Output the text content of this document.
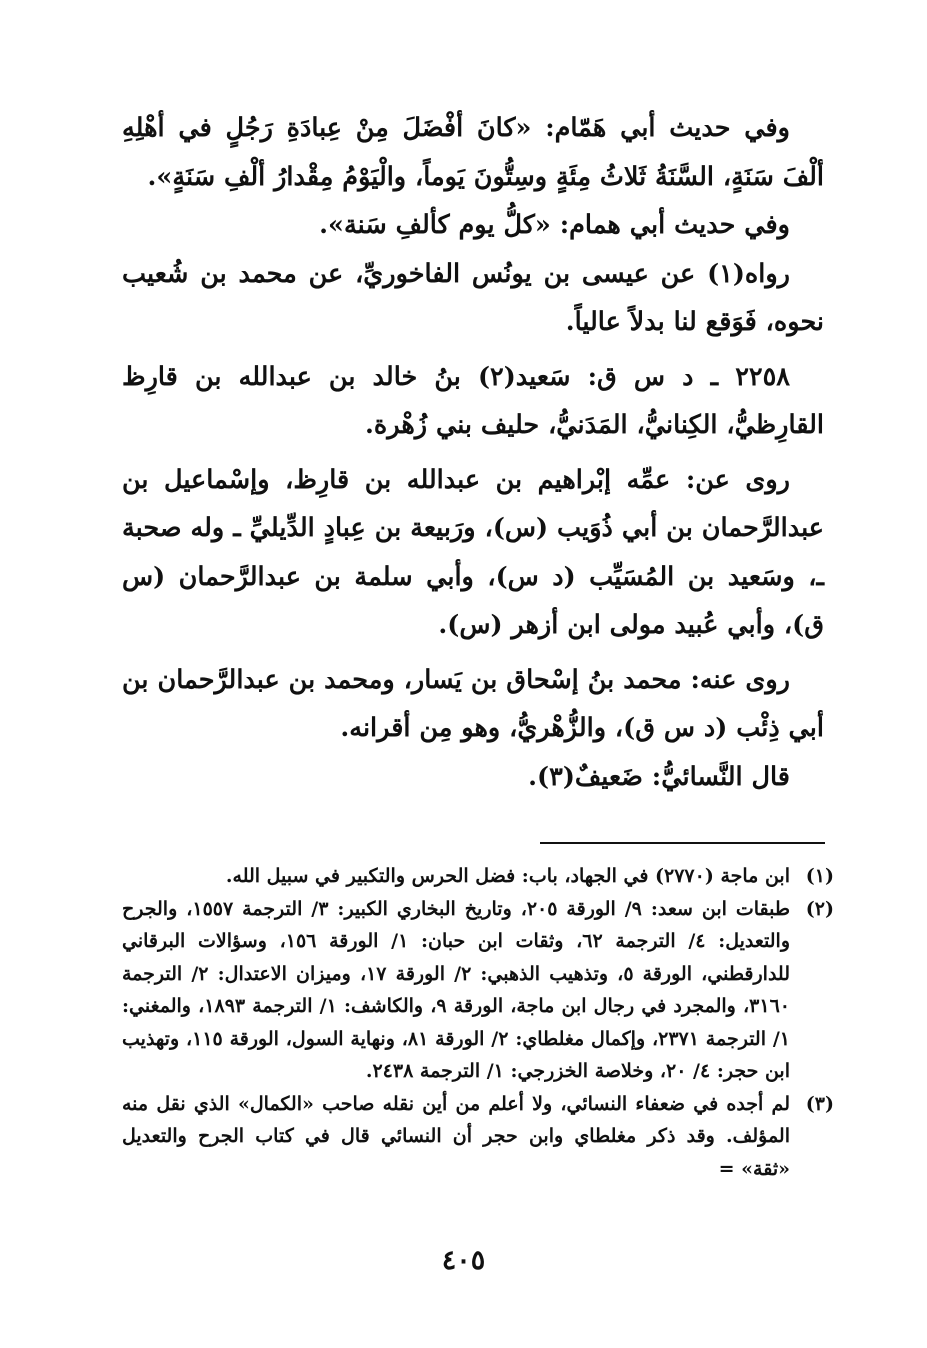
وفي حديث أبي هَمّام: «كانَ أفْضَلَ مِنْ عِبادَةِ رَجُلٍ في أهْلِهِ ألْفَ سَنَةٍ، السَّنَةُ ثَلاثُ مِئَةٍ وسِتُّونَ يَوماً، والْيَوْمُ مِقْدارُ ألْفِ سَنَةٍ».

وفي حديث أبي همام: «كلُّ يوم كألفِ سَنة».

رواه(١) عن عيسى بن يونُس الفاخوريِّ، عن محمد بن شُعيب نحوه، فَوَقع لنا بدلاً عالياً.

٢٢٥٨ ـ د س ق: سَعيد(٢) بنُ خالد بن عبدالله بن قارِظ القارِظيُّ، الكِنانيُّ، المَدَنيُّ، حليف بني زُهْرة.

روى عن: عمِّه إبْراهيم بن عبدالله بن قارِظ، وإسْماعيل بن عبدالرَّحمان بن أبي ذُوَيب (س)، ورَبيعة بن عِبادٍ الدِّيليِّ ـ وله صحبة ـ، وسَعيد بن المُسَيِّب (د س)، وأبي سلمة بن عبدالرَّحمان (س ق)، وأبي عُبيد مولى ابن أزهر (س).

روى عنه: محمد بنُ إسْحاق بن يَسار، ومحمد بن عبدالرَّحمان بن أبي ذِئْب (د س ق)، والزُّهْريُّ، وهو مِن أقرانه.

قال النَّسائيُّ: ضَعيفٌ(٣).

(١)
ابن ماجة (٢٧٧٠) في الجهاد، باب: فضل الحرس والتكبير في سبيل الله.
(٢)
طبقات ابن سعد: ٩/ الورقة ٢٠٥، وتاريخ البخاري الكبير: ٣/ الترجمة ١٥٥٧، والجرح والتعديل: ٤/ الترجمة ٦٢، وثقات ابن حبان: ١/ الورقة ١٥٦، وسؤالات البرقاني للدارقطني، الورقة ٥، وتذهيب الذهبي: ٢/ الورقة ١٧، وميزان الاعتدال: ٢/ الترجمة ٣١٦٠، والمجرد في رجال ابن ماجة، الورقة ٩، والكاشف: ١/ الترجمة ١٨٩٣، والمغني: ١/ الترجمة ٢٣٧١، وإكمال مغلطاي: ٢/ الورقة ٨١، ونهاية السول، الورقة ١١٥، وتهذيب ابن حجر: ٤/ ٢٠، وخلاصة الخزرجي: ١/ الترجمة ٢٤٣٨.
(٣)
لم أجده في ضعفاء النسائي، ولا أعلم من أين نقله صاحب «الكمال» الذي نقل منه المؤلف. وقد ذكر مغلطاي وابن حجر أن النسائي قال في كتاب الجرح والتعديل «ثقة» =
٤٠٥
